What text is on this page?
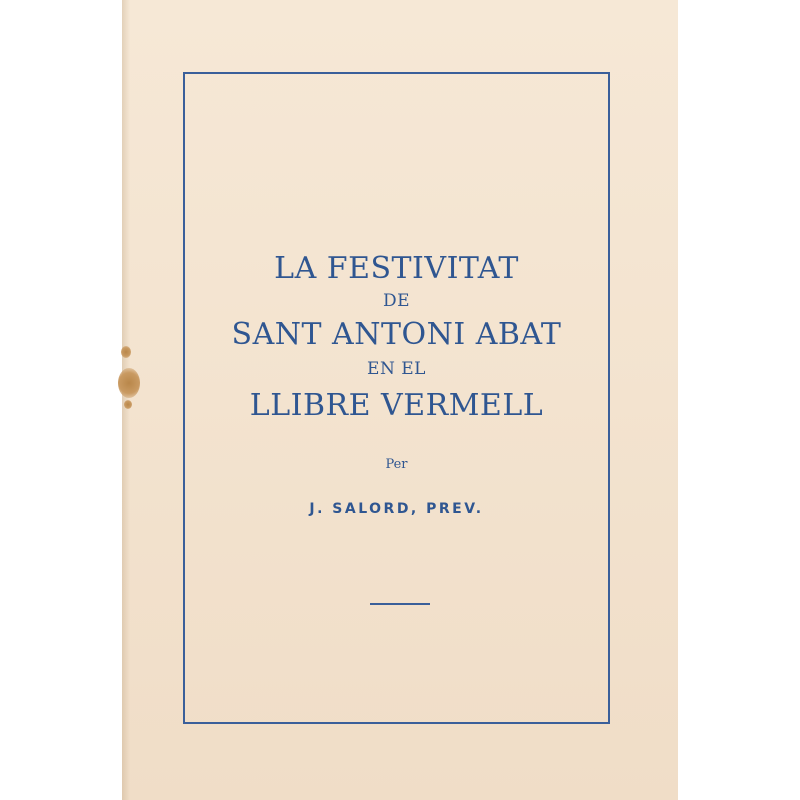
LA FESTIVITAT
DE
SANT ANTONI ABAT
EN EL
LLIBRE VERMELL
Per
J. SALORD, PREV.
